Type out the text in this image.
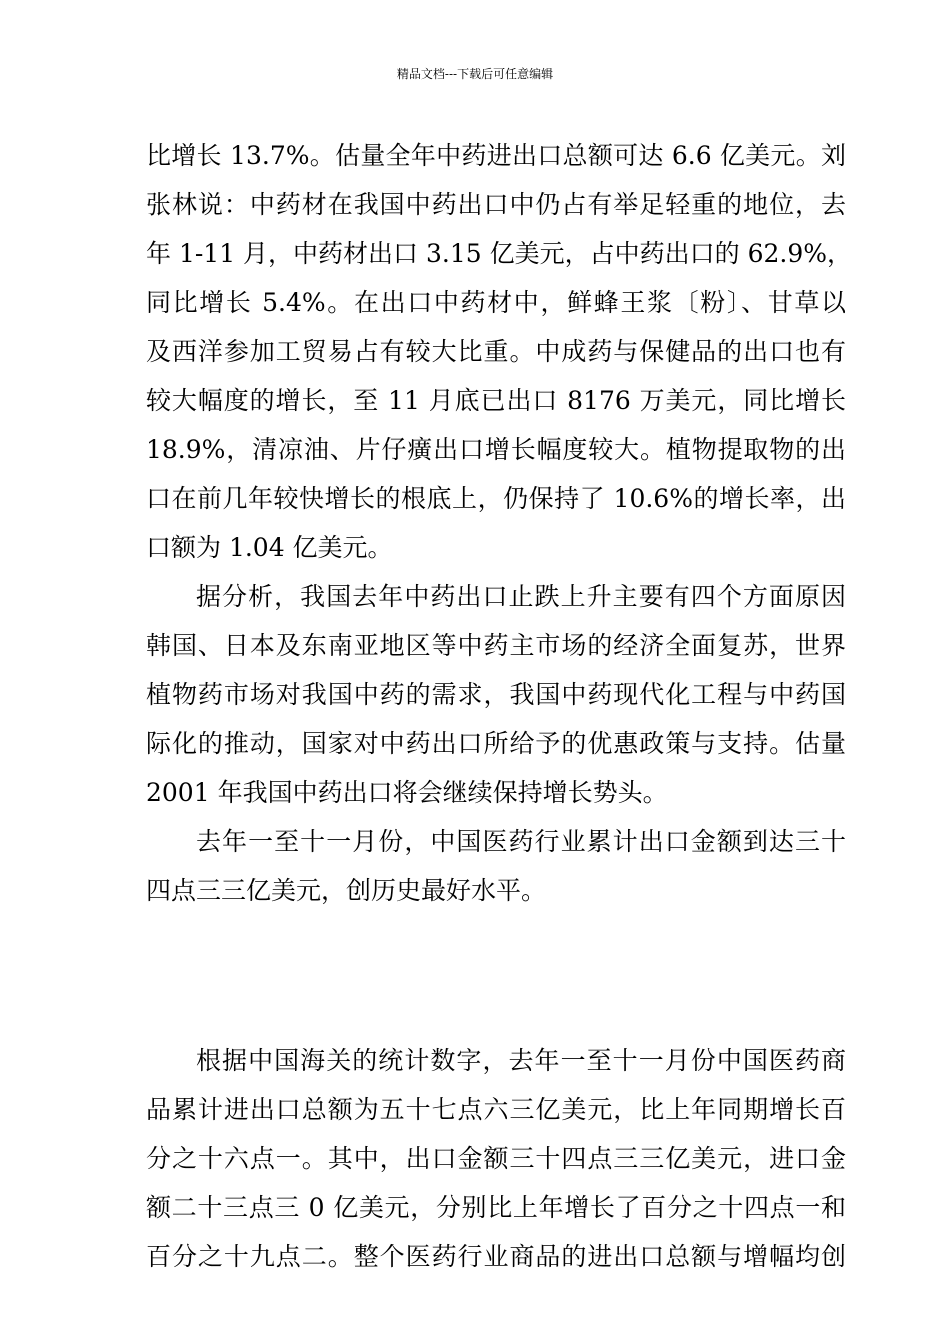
精品文档---下载后可任意编辑
比增长 13.7%。估量全年中药进出口总额可达 6.6 亿美元。刘
张林说：中药材在我国中药出口中仍占有举足轻重的地位，去
年 1-11 月，中药材出口 3.15 亿美元，占中药出口的 62.9%，
同比增长 5.4%。在出口中药材中，鲜蜂王浆〔粉〕、甘草以
及西洋参加工贸易占有较大比重。中成药与保健品的出口也有
较大幅度的增长，至 11 月底已出口 8176 万美元，同比增长
18.9%，清凉油、片仔癀出口增长幅度较大。植物提取物的出
口在前几年较快增长的根底上，仍保持了 10.6%的增长率，出
口额为 1.04 亿美元。
据分析，我国去年中药出口止跌上升主要有四个方面原因
韩国、日本及东南亚地区等中药主市场的经济全面复苏，世界
植物药市场对我国中药的需求，我国中药现代化工程与中药国
际化的推动，国家对中药出口所给予的优惠政策与支持。估量
2001 年我国中药出口将会继续保持增长势头。
去年一至十一月份，中国医药行业累计出口金额到达三十
四点三三亿美元，创历史最好水平。
根据中国海关的统计数字，去年一至十一月份中国医药商
品累计进出口总额为五十七点六三亿美元，比上年同期增长百
分之十六点一。其中，出口金额三十四点三三亿美元，进口金
额二十三点三 0 亿美元，分别比上年增长了百分之十四点一和
百分之十九点二。整个医药行业商品的进出口总额与增幅均创
